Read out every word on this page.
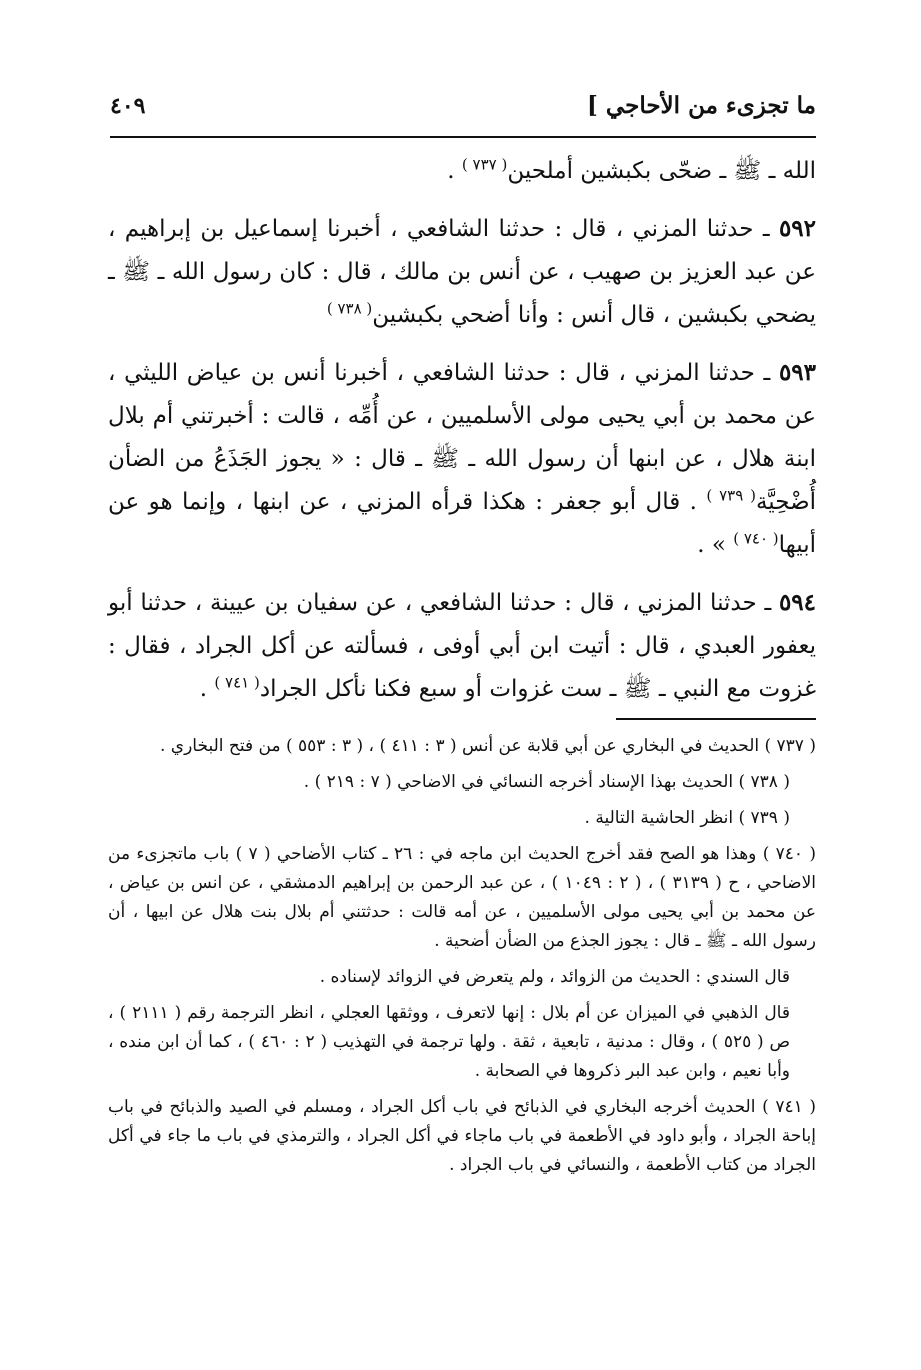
ما تجزىء من الأحاجي ]
٤٠٩

الله ـ ﷺ ـ ضحّى بكبشين أملحين$^{( ٧٣٧ )}$ .

٥٩٢ ـ حدثنا المزني ، قال : حدثنا الشافعي ، أخبرنا إسماعيل بن إبراهيم ، عن عبد العزيز بن صهيب ، عن أنس بن مالك ، قال : كان رسول الله ـ ﷺ ـ يضحي بكبشين ، قال أنس : وأنا أضحي بكبشين$^{( ٧٣٨ )}$

٥٩٣ ـ حدثنا المزني ، قال : حدثنا الشافعي ، أخبرنا أنس بن عياض الليثي ، عن محمد بن أبي يحيى مولى الأسلميين ، عن أُمِّه ، قالت : أخبرتني أم بلال ابنة هلال ، عن ابنها أن رسول الله ـ ﷺ ـ قال : « يجوز الجَذَعُ من الضأن أُضْحِيَّة$^{( ٧٣٩ )}$ . قال أبو جعفر : هكذا قرأه المزني ، عن ابنها ، وإنما هو عن أبيها$^{( ٧٤٠ )}$ » .

٥٩٤ ـ حدثنا المزني ، قال : حدثنا الشافعي ، عن سفيان بن عيينة ، حدثنا أبو يعفور العبدي ، قال : أتيت ابن أبي أوفى ، فسألته عن أكل الجراد ، فقال : غزوت مع النبي ـ ﷺ ـ ست غزوات أو سبع فكنا نأكل الجراد$^{( ٧٤١ )}$ .

( ٧٣٧ ) الحديث في البخاري عن أبي قلابة عن أنس ( ٣ : ٤١١ ) ، ( ٣ : ٥٥٣ ) من فتح البخاري .

( ٧٣٨ ) الحديث بهذا الإسناد أخرجه النسائي في الاضاحي ( ٧ : ٢١٩ ) .

( ٧٣٩ ) انظر الحاشية التالية .

( ٧٤٠ ) وهذا هو الصح فقد أخرج الحديث ابن ماجه في : ٢٦ ـ كتاب الأضاحي ( ٧ ) باب ماتجزىء من الاضاحي ، ح ( ٣١٣٩ ) ، ( ٢ : ١٠٤٩ ) ، عن عبد الرحمن بن إبراهيم الدمشقي ، عن انس بن عياض ، عن محمد بن أبي يحيى مولى الأسلميين ، عن أمه قالت : حدثتني أم بلال بنت هلال عن ابيها ، أن رسول الله ـ ﷺ ـ قال : يجوز الجذع من الضأن أضحية .

قال السندي : الحديث من الزوائد ، ولم يتعرض في الزوائد لإسناده .

قال الذهبي في الميزان عن أم بلال : إنها لاتعرف ، ووثقها العجلي ، انظر الترجمة رقم ( ٢١١١ ) ، ص ( ٥٢٥ ) ، وقال : مدنية ، تابعية ، ثقة . ولها ترجمة في التهذيب ( ٢ : ٤٦٠ ) ، كما أن ابن منده ، وأبا نعيم ، وابن عبد البر ذكروها في الصحابة .

( ٧٤١ ) الحديث أخرجه البخاري في الذبائح في باب أكل الجراد ، ومسلم في الصيد والذبائح في باب إباحة الجراد ، وأبو داود في الأطعمة في باب ماجاء في أكل الجراد ، والترمذي في باب ما جاء في أكل الجراد من كتاب الأطعمة ، والنسائي في باب الجراد .
